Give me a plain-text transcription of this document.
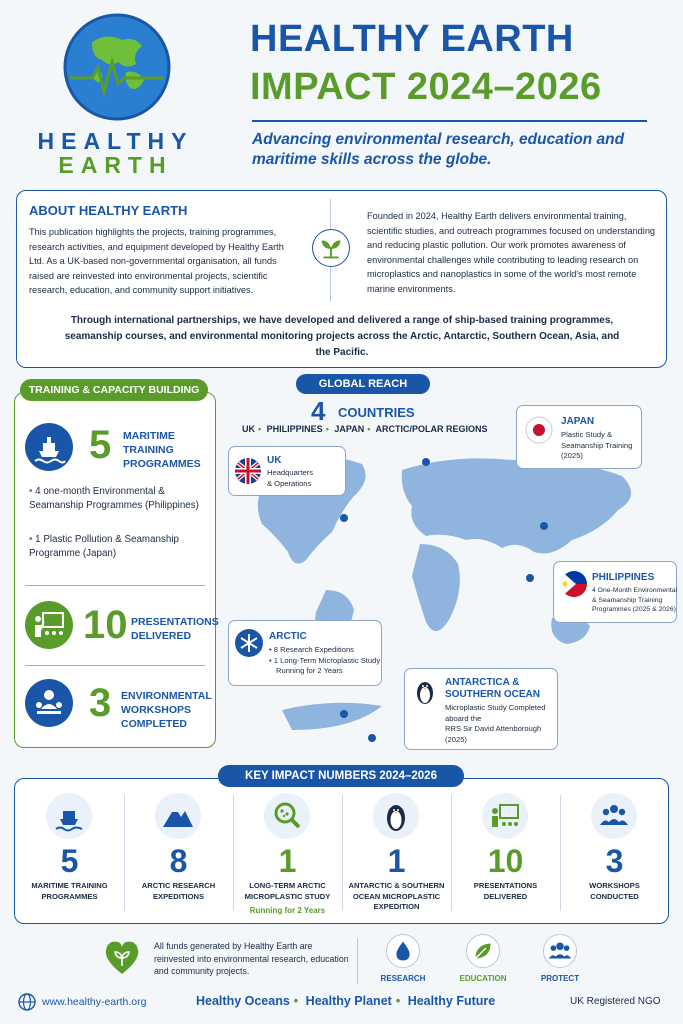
HEALTHY
EARTH
HEALTHY EARTH
IMPACT 2024–2026
Advancing environmental research, education and maritime skills across the globe.
ABOUT HEALTHY EARTH
This publication highlights the projects, training programmes, research activities, and equipment developed by Healthy Earth Ltd. As a UK-based non-governmental organisation, all funds raised are reinvested into environmental projects, scientific research, education, and community support initiatives.
Founded in 2024, Healthy Earth delivers environmental training, scientific studies, and outreach programmes focused on understanding and reducing plastic pollution. Our work promotes awareness of environmental challenges while contributing to leading research on microplastics and nanoplastics in some of the world's most remote marine environments.
Through international partnerships, we have developed and delivered a range of ship-based training programmes, seamanship courses, and environmental monitoring projects across the Arctic, Antarctic, Southern Ocean, Asia, and the Pacific.
5 MARITIME
TRAINING
PROGRAMMES
• 4 one-month Environmental & Seamanship Programmes (Philippines)
• 1 Plastic Pollution & Seamanship Programme (Japan)
10 PRESENTATIONS
DELIVERED
3 ENVIRONMENTAL
WORKSHOPS
COMPLETED
TRAINING & CAPACITY BUILDING	GLOBAL REACH
4 COUNTRIES
UK • PHILIPPINES • JAPAN • ARCTIC/POLAR REGIONS
UK
Headquarters
& Operations
JAPAN
Plastic Study &
Seamanship Training
(2025)
PHILIPPINES
4 One-Month Environmental
& Seamanship Training
Programmes (2025 & 2026)
ARCTIC
• 8 Research Expeditions
• 1 Long-Term Microplastic Study
Running for 2 Years
ANTARCTICA &
SOUTHERN OCEAN
Microplastic Study Completed
aboard the
RRS Sir David Attenborough
(2025)
5
MARITIME TRAINING
PROGRAMMES
8
ARCTIC RESEARCH
EXPEDITIONS
1
LONG-TERM ARCTIC
MICROPLASTIC STUDY
Running for 2 Years
1
ANTARCTIC & SOUTHERN
OCEAN MICROPLASTIC
EXPEDITION
10
PRESENTATIONS
DELIVERED
3
WORKSHOPS
CONDUCTED
KEY IMPACT NUMBERS 2024–2026
All funds generated by Healthy Earth are reinvested into environmental research, education and community projects.
RESEARCH	EDUCATION	PROTECT
www.healthy-earth.org	Healthy Oceans • Healthy Planet • Healthy Future	UK Registered NGO
